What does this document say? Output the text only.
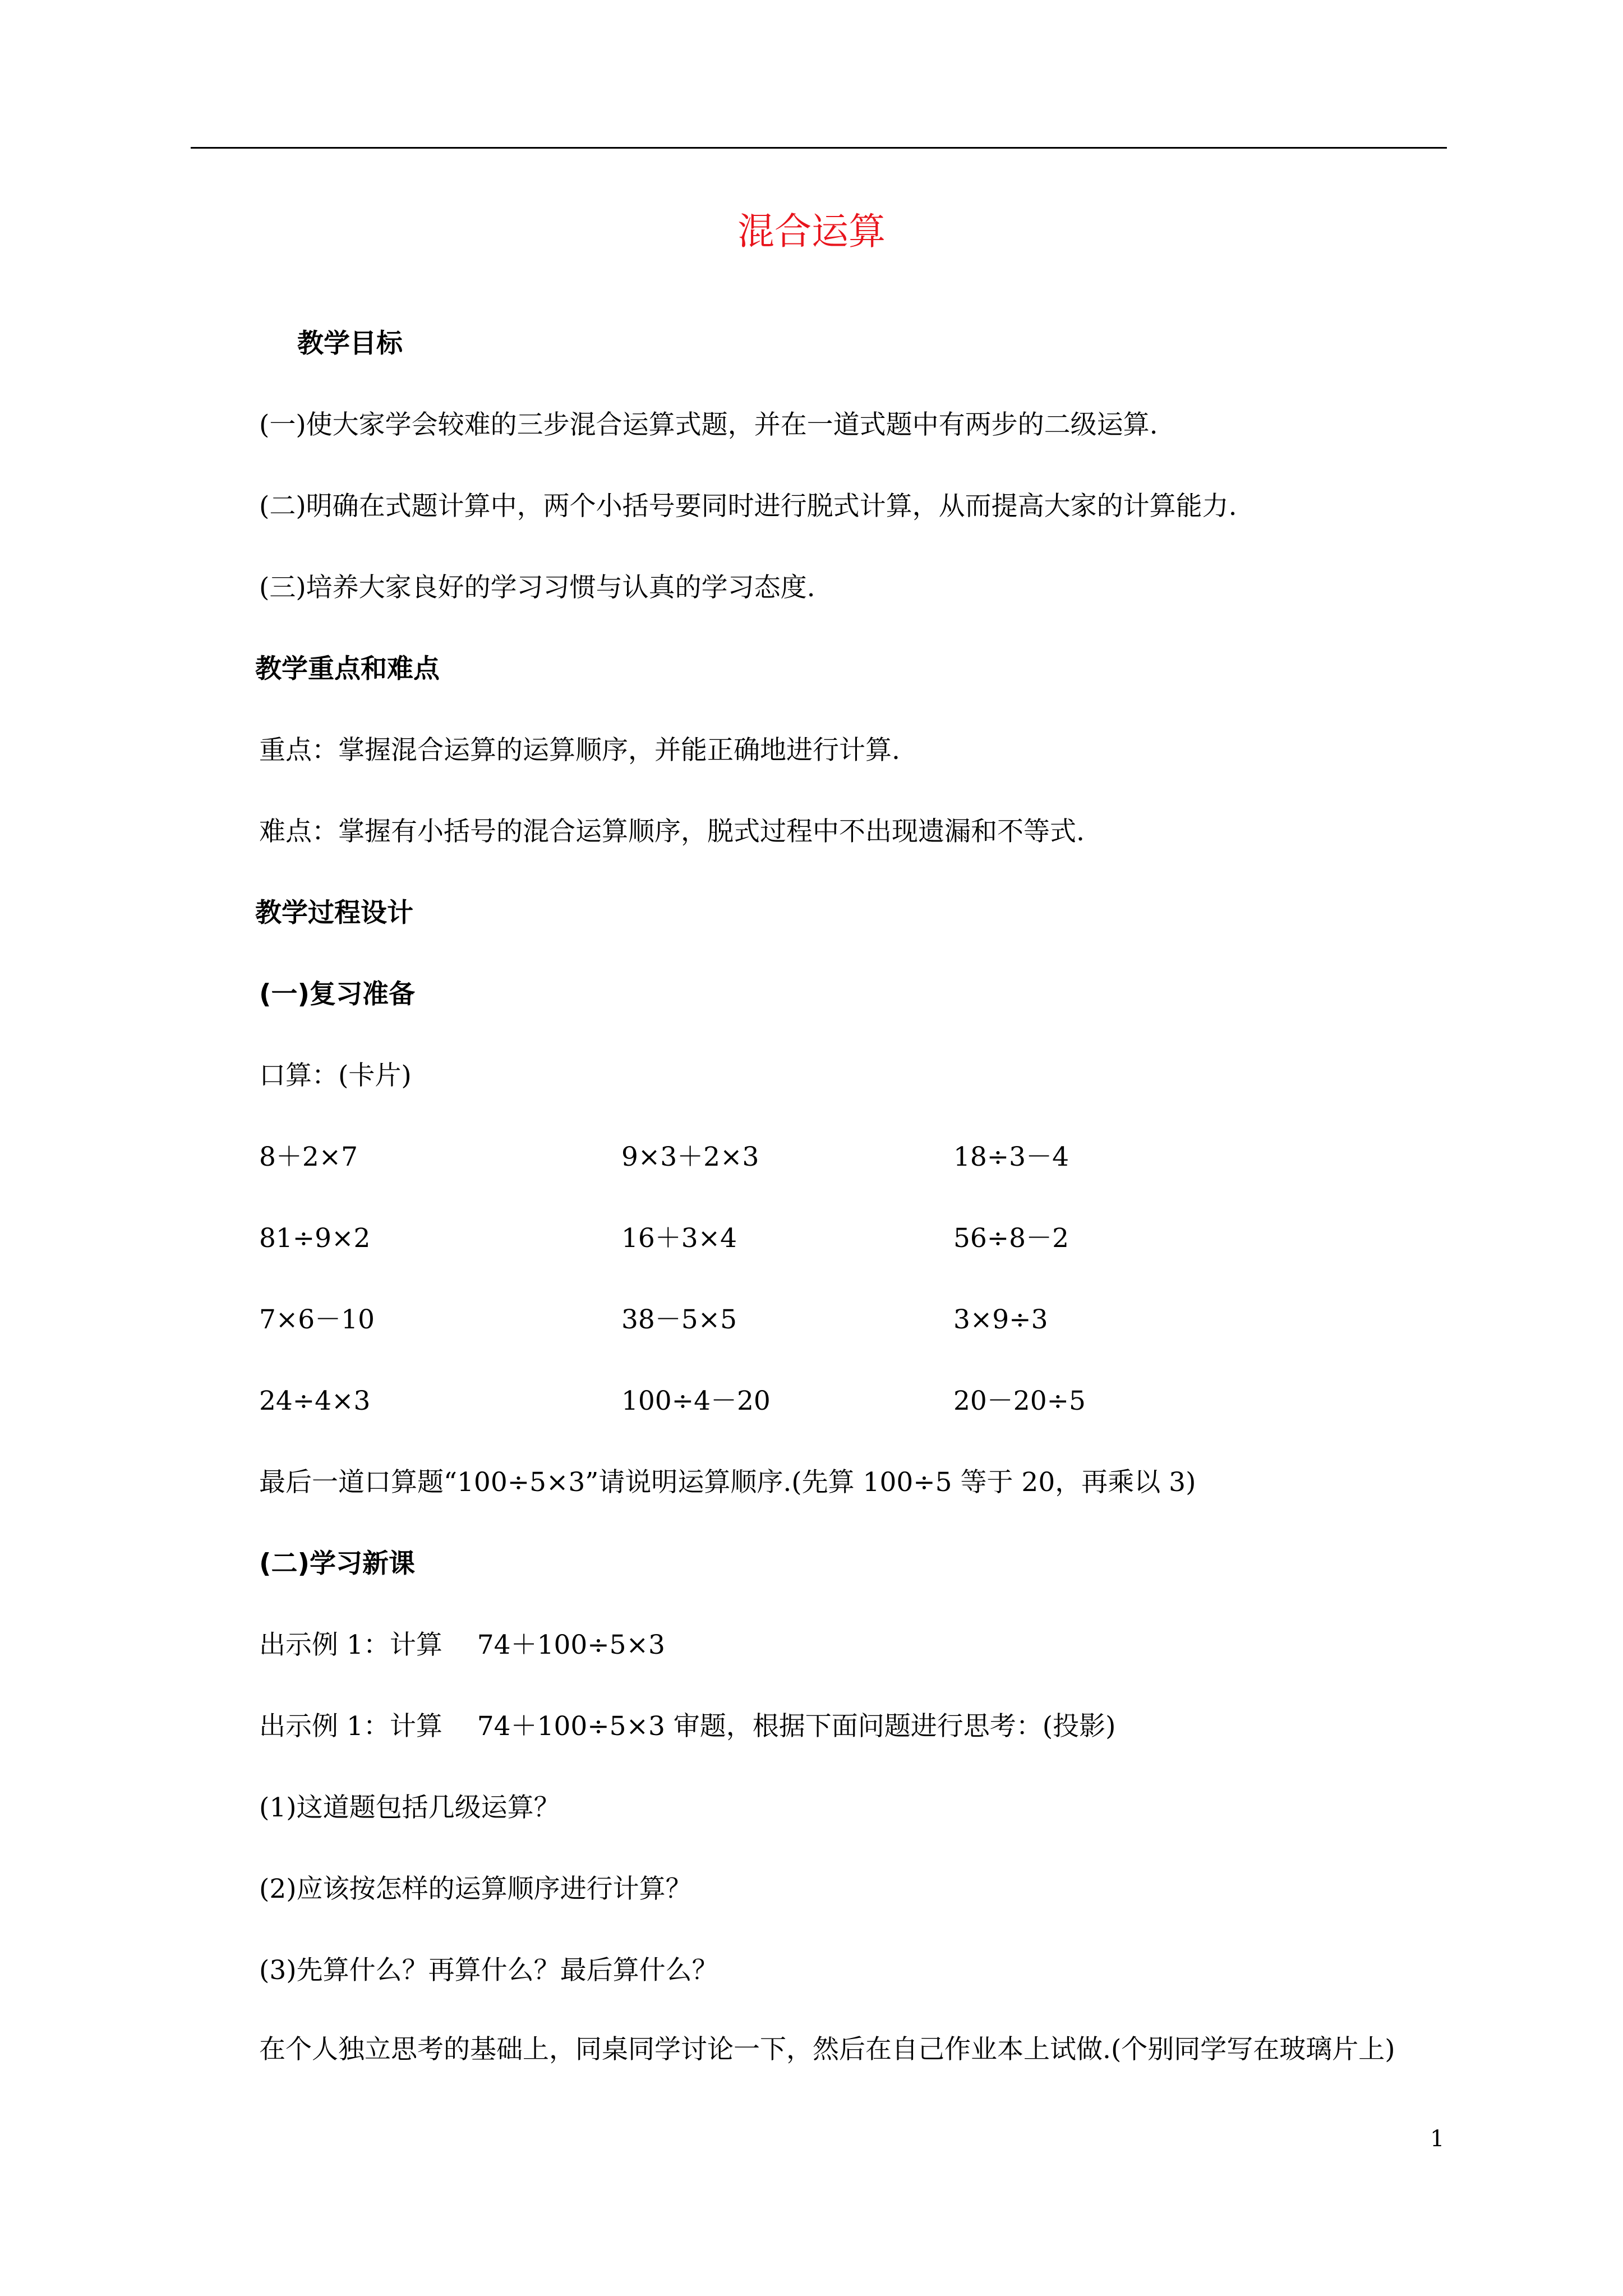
混合运算
教学目标
(一)使大家学会较难的三步混合运算式题，并在一道式题中有两步的二级运算.
(二)明确在式题计算中，两个小括号要同时进行脱式计算，从而提高大家的计算能力.
(三)培养大家良好的学习习惯与认真的学习态度.
教学重点和难点
重点：掌握混合运算的运算顺序，并能正确地进行计算.
难点：掌握有小括号的混合运算顺序，脱式过程中不出现遗漏和不等式.
教学过程设计
(一)复习准备
口算：(卡片)
8＋2×7	9×3＋2×3	18÷3－4
81÷9×2	16＋3×4	56÷8－2
7×6－10	38－5×5	3×9÷3
24÷4×3	100÷4－20	20－20÷5
最后一道口算题“100÷5×3”请说明运算顺序.(先算 100÷5 等于 20，再乘以 3)
(二)学习新课
出示例 1：计算　 74＋100÷5×3
出示例 1：计算　 74＋100÷5×3 审题，根据下面问题进行思考：(投影)
(1)这道题包括几级运算？
(2)应该按怎样的运算顺序进行计算？
(3)先算什么？再算什么？最后算什么？
在个人独立思考的基础上，同桌同学讨论一下，然后在自己作业本上试做.(个别同学写在玻璃片上)
1
